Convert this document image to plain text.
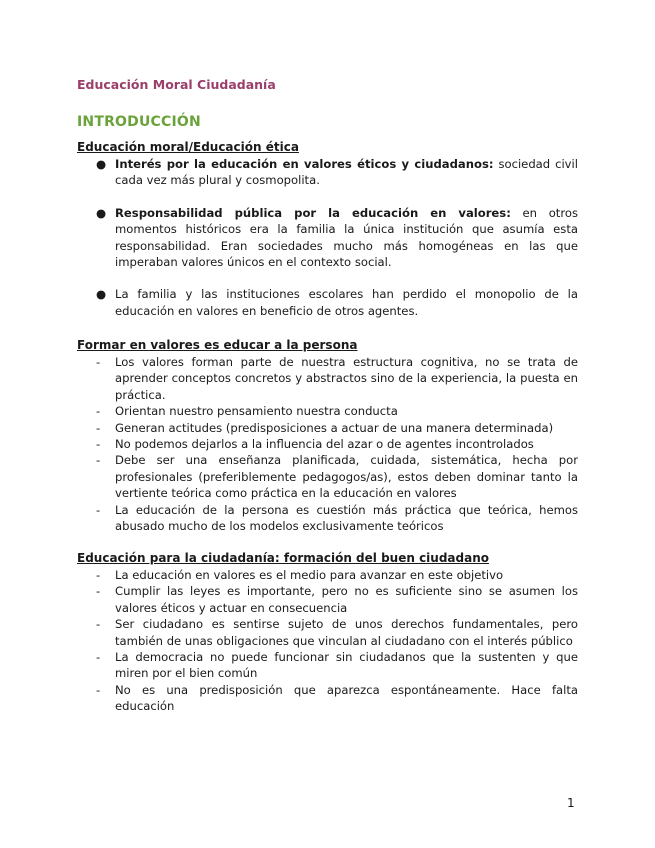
Educación Moral Ciudadanía
INTRODUCCIÓN
Educación moral/Educación ética
● Interés por la educación en valores éticos y ciudadanos: sociedad civil cada vez más plural y cosmopolita.
● Responsabilidad pública por la educación en valores: en otros momentos históricos era la familia la única institución que asumía esta responsabilidad. Eran sociedades mucho más homogéneas en las que imperaban valores únicos en el contexto social.
● La familia y las instituciones escolares han perdido el monopolio de la educación en valores en beneficio de otros agentes.
Formar en valores es educar a la persona
-	Los valores forman parte de nuestra estructura cognitiva, no se trata de aprender conceptos concretos y abstractos sino de la experiencia, la puesta en práctica.
-	Orientan nuestro pensamiento nuestra conducta
-	Generan actitudes (predisposiciones a actuar de una manera determinada)
-	No podemos dejarlos a la influencia del azar o de agentes incontrolados
-	Debe ser una enseñanza planificada, cuidada, sistemática, hecha por profesionales (preferiblemente pedagogos/as), estos deben dominar tanto la vertiente teórica como práctica en la educación en valores
-	La educación de la persona es cuestión más práctica que teórica, hemos abusado mucho de los modelos exclusivamente teóricos
Educación para la ciudadanía: formación del buen ciudadano
-	La educación en valores es el medio para avanzar en este objetivo
-	Cumplir las leyes es importante, pero no es suficiente sino se asumen los valores éticos y actuar en consecuencia
-	Ser ciudadano es sentirse sujeto de unos derechos fundamentales, pero también de unas obligaciones que vinculan al ciudadano con el interés público
-	La democracia no puede funcionar sin ciudadanos que la sustenten y que miren por el bien común
-	No es una predisposición que aparezca espontáneamente. Hace falta educación
1
